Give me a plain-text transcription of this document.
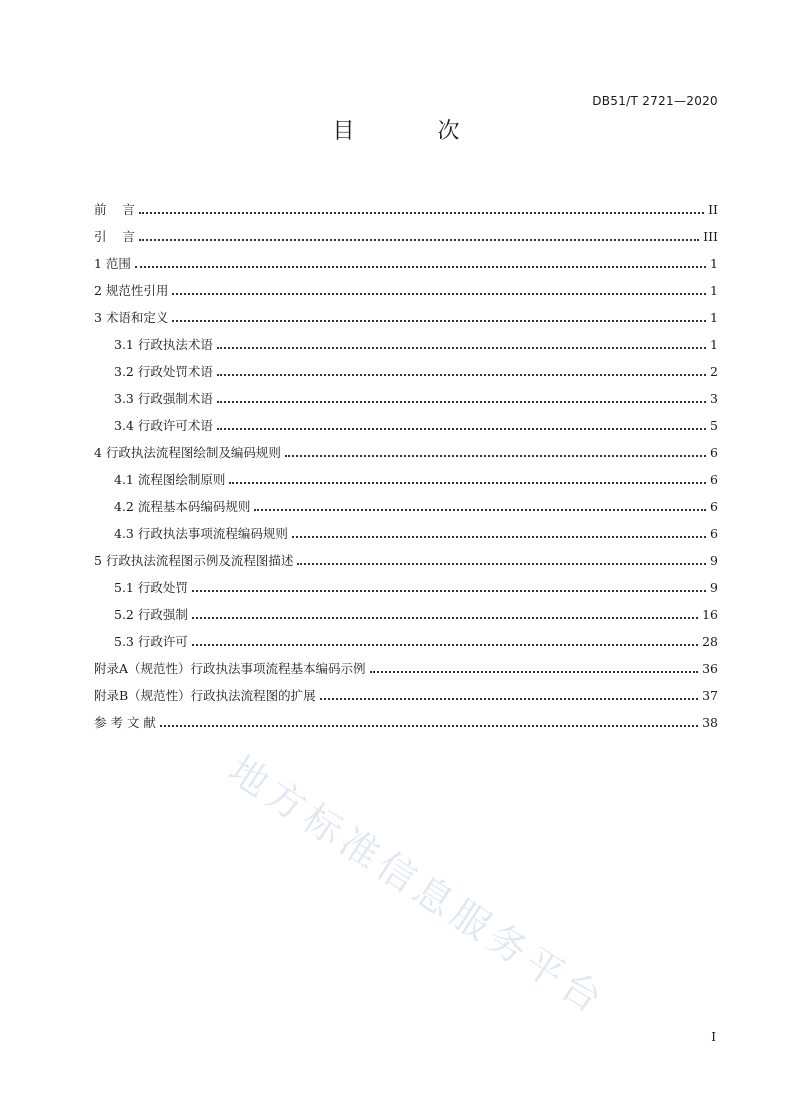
DB51/T 2721—2020
目 次
前    言	II
引    言	III
1 范围	1
2 规范性引用	1
3 术语和定义	1
3.1 行政执法术语	1
3.2 行政处罚术语	2
3.3 行政强制术语	3
3.4 行政许可术语	5
4 行政执法流程图绘制及编码规则	6
4.1 流程图绘制原则	6
4.2 流程基本码编码规则	6
4.3 行政执法事项流程编码规则	6
5 行政执法流程图示例及流程图描述	9
5.1 行政处罚	9
5.2 行政强制	16
5.3 行政许可	28
附录A（规范性）行政执法事项流程基本编码示例	36
附录B（规范性）行政执法流程图的扩展	37
参 考 文 献	38
I
地方标准信息服务平台
